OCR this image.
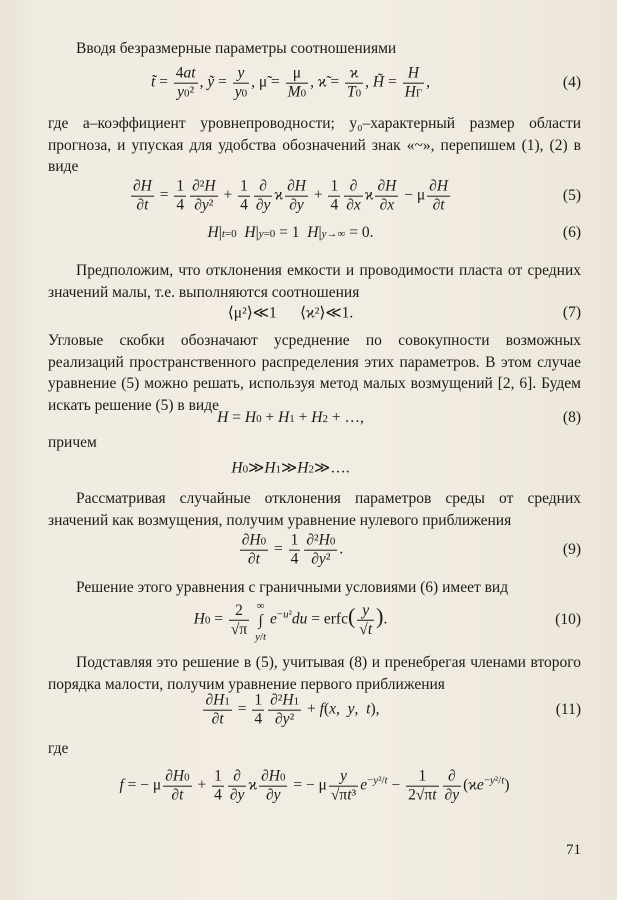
Вводя безразмерные параметры соотношениями
t̃ = $\frac{4at}{\text{y0²}}$ , ỹ = $\frac{y}{y0}$ , μ̃ = $\frac{\mu}{M0}$ , ϰ̃ = $\frac{ϰ}{T0}$ , H̃ =
H
HГ
,	(4)
где a–коэффициент уровнепроводности; y₀–характерный размер области прогноза, и упуская для удобства обозначений знак «~», перепишем (1), (2) в виде
$\frac{\partial H}{\partial t} = \frac{1}{4} \frac{\text{∂²H}}{\text{∂y²}} + \frac{1}{4}$ ∂
∂y
ϰ $\frac{\partial H}{\partial y} + \frac{1}{4}$ ∂
∂x
ϰ $\frac{\partial H}{\partial x} - \mu \frac{\partial H}{\partial t}$	(5)
H|t=0 H|y=0 = 1  H|y→∞ = 0.	(6)
Предположим, что отклонения емкости и проводимости пласта от средних значений малы, т.е. выполняются соотношения
⟨μ²⟩≪1      ⟨ϰ²⟩≪1.	(7)
Угловые скобки обозначают усреднение по совокупности возможных реализаций пространственного распределения этих параметров. В этом случае уравнение (5) можно решать, используя метод малых возмущений [2, 6]. Будем искать решение (5) в виде
H = H0 + H1 + H2 + …,	(8)
причем
H0≫H1≫H2≫….
Рассматривая случайные отклонения параметров среды от средних значений как возмущения, получим уравнение нулевого приближения
$\frac{\partial H0}{\partial t} = \frac{1}{4} \frac{\text{∂²H0}}{\text{∂y²}}$ .	(9)
Решение этого уравнения с граничными условиями (6) имеет вид
$H0 = \frac{2}{√\pi}$ ∞
∫
y/t $e^{-u^2}du$ = erfc( $\frac{y}{√t}$ ).	(10)
Подставляя это решение в (5), учитывая (8) и пренебрегая членами второго порядка малости, получим уравнение первого приближения
$\frac{\partial H1}{\partial t} = \frac{1}{4} \frac{\text{∂²H1}}{\text{∂y²}} + f(x$,  y,  t),	(11)
где
f = − μ $\frac{\partial H0}{\partial t} + \frac{1}{4}$ ∂
∂y
ϰ $\frac{\partial H0}{\partial y}$ = − μ $\frac{y}{\text{√πt³}} e^{-y^2/t} - \frac{1}{2√\pi t}$ ∂
∂y
$(ϰe^{-y^2/t})$
71
